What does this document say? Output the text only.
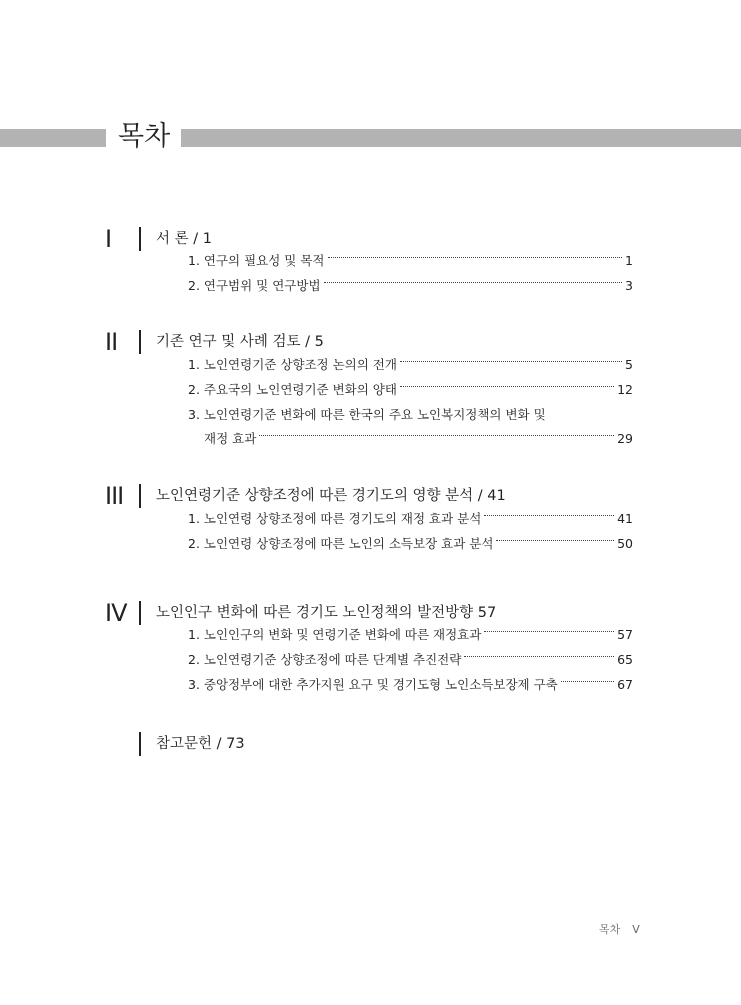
목차
I	서 론 / 1
1. 연구의 필요성 및 목적	1
2. 연구범위 및 연구방법	3
II	기존 연구 및 사례 검토 / 5
1. 노인연령기준 상향조정 논의의 전개	5
2. 주요국의 노인연령기준 변화의 양태	12
3. 노인연령기준 변화에 따른 한국의 주요 노인복지정책의 변화 및
재정 효과	29
III	노인연령기준 상향조정에 따른 경기도의 영향 분석 / 41
1. 노인연령 상향조정에 따른 경기도의 재정 효과 분석	41
2. 노인연령 상향조정에 따른 노인의 소득보장 효과 분석	50
IV	노인인구 변화에 따른 경기도 노인정책의 발전방향 57
1. 노인인구의 변화 및 연령기준 변화에 따른 재정효과	57
2. 노인연령기준 상향조정에 따른 단계별 추진전략	65
3. 중앙정부에 대한 추가지원 요구 및 경기도형 노인소득보장제 구축	67
참고문헌 / 73
목차 V
